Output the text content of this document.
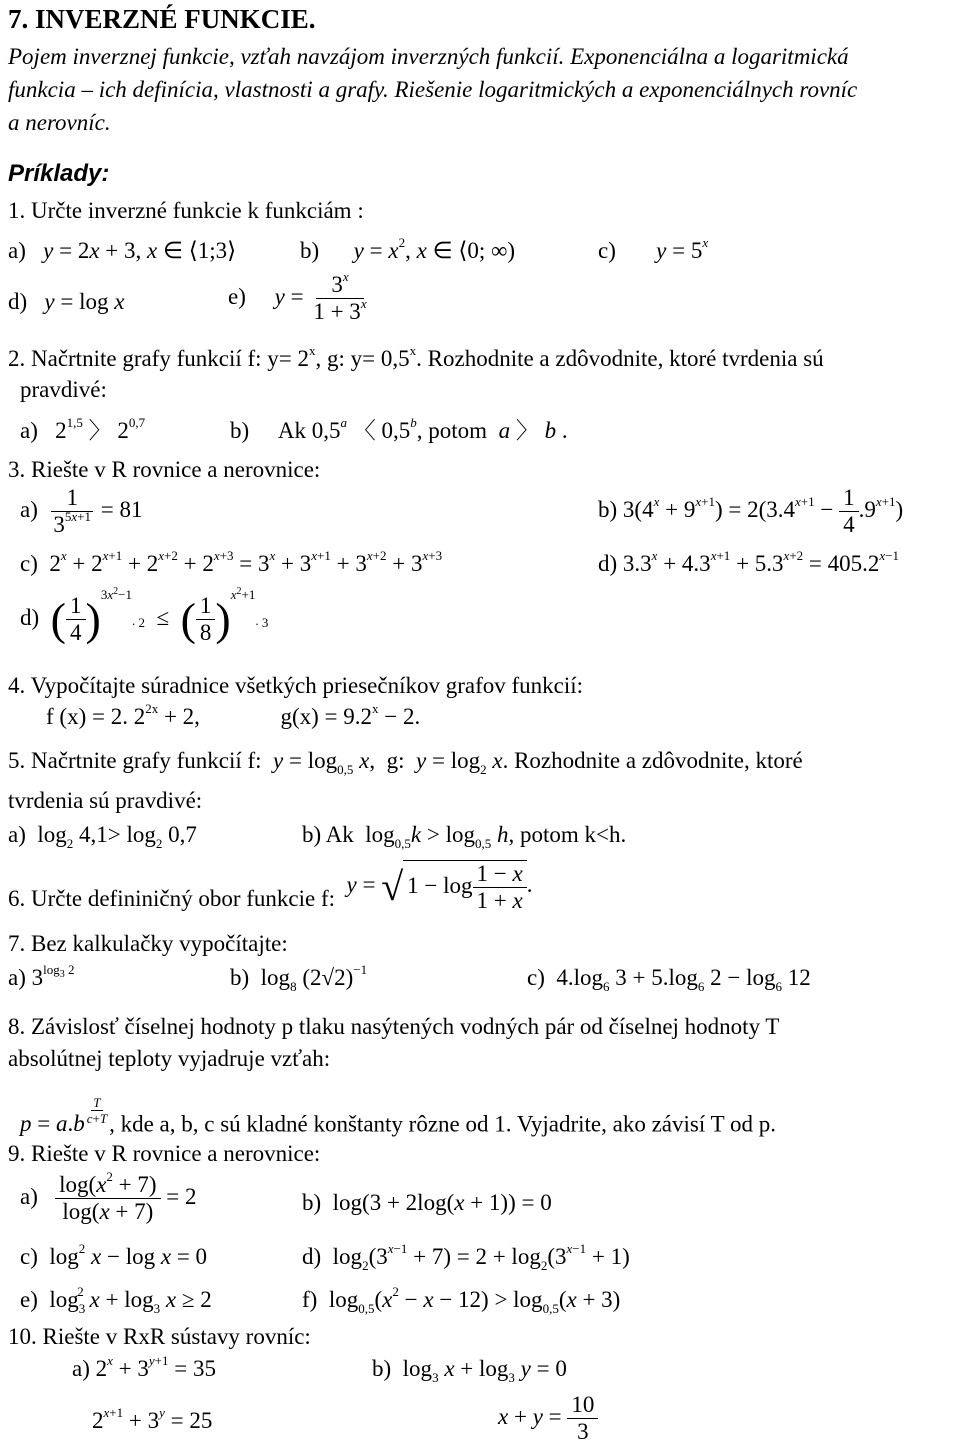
7. INVERZNÉ FUNKCIE.
Pojem inverznej funkcie, vzťah navzájom inverzných funkcií. Exponenciálna a logaritmická
funkcia – ich definícia, vlastnosti a grafy. Riešenie logaritmických a exponenciálnych rovníc
a nerovníc.
Príklady:
1. Určte inverzné funkcie k funkciám :
a)   y = 2x + 3, x ∈ ⟨1;3⟩	b)      $y = x^2$, x ∈ ⟨0; ∞)	c)       $y = 5^x$
d)   y = log x	e)     $y = \frac{3^x}{1 + 3^x}$
2. Načrtnite grafy funkcií f: $y= 2^x$, g: $y= 0,5^x$. Rozhodnite a zdôvodnite, ktoré tvrdenia sú
pravdivé:
a)   2$^{1,5}$ 〉 2$^{0,7}$	b)     Ak 0,5$^a$ 〈 0,5$^b$, potom  a 〉 b .
3. Riešte v R rovnice a nerovnice:
$a) \frac{1}{3^{5x+1}} = 81$	b) $3(4^x + 9^{x+1}) = 2(3.4^{x+1} - \frac{1}{4} .9^{x+1})$
c)  $2^x + 2^{x+1} + 2^{x+2} + 2^{x+3} = 3^x + 3^{x+1} + 3^{x+2} + 3^{x+3}$	d) $3.3^x + 4.3^{x+1} + 5.3^{x+2} = 405.2^{x-1}$
d)  ( $\frac{1}{4} )^{3x^2-1}$. $_2$  ≤  ( $\frac{1}{8} )^{x^2+1}$. $_3$
4. Vypočítajte súradnice všetkých priesečníkov grafov funkcií:
f (x) = 2. $2^{2x} + 2$,	$g(x) = 9.2^x - 2$.
5. Načrtnite grafy funkcií f: $y = \log_{0,5} x$,  g:  $y = \log_2 x$. Rozhodnite a zdôvodnite, ktoré
tvrdenia sú pravdivé:
a)  $\log_2 4,1> \log_2 0,7$	b) Ak  $\log_{0,5}k > \log_{0,5} h$, potom k<h.
6. Určte defininičný obor funkcie f:  y = √ $1 - \log \frac{1 - x}{1 + x}$ .
7. Bez kalkulačky vypočítajte:
a) $3^{log_3 2}$	b)  $\log_8 (2√2)^{-1}$	c)  $4.\log_6$ $3 + 5.\log_6$ $2 - \log_6 12$
8. Závislosť číselnej hodnoty p tlaku nasýtených vodných pár od číselnej hodnoty T
absolútnej teploty vyjadruje vzťah:
p = a.b $^{\frac{T}{c+T}}$ , kde a, b, c sú kladné konštanty rôzne od 1. Vyjadrite, ako závisí T od p.
9. Riešte v R rovnice a nerovnice:
$a) \frac{\log(x^2 + 7)}{\log(x + 7)} = 2$	b)  log(3 + 2log(x + 1)) = 0
c)  $\log^2 x - \log x = 0$	d)  $\log_2(3^{x-1} + 7) = 2 + \log_2(3^{x-1} + 1)$
e)  $\log_3^2 x + \log_3 x \ge 2$	f)  $\log_{0,5}(x^2 - x - 12) > \log_{0,5}(x + 3)$
10. Riešte v RxR sústavy rovníc:
a) $2^x + 3^{y+1} = 35$	b)  $\log_3 x + \log_3 y = 0$
$2^{x+1} + 3^y = 25$	$x + y = \frac{10}{3}$
